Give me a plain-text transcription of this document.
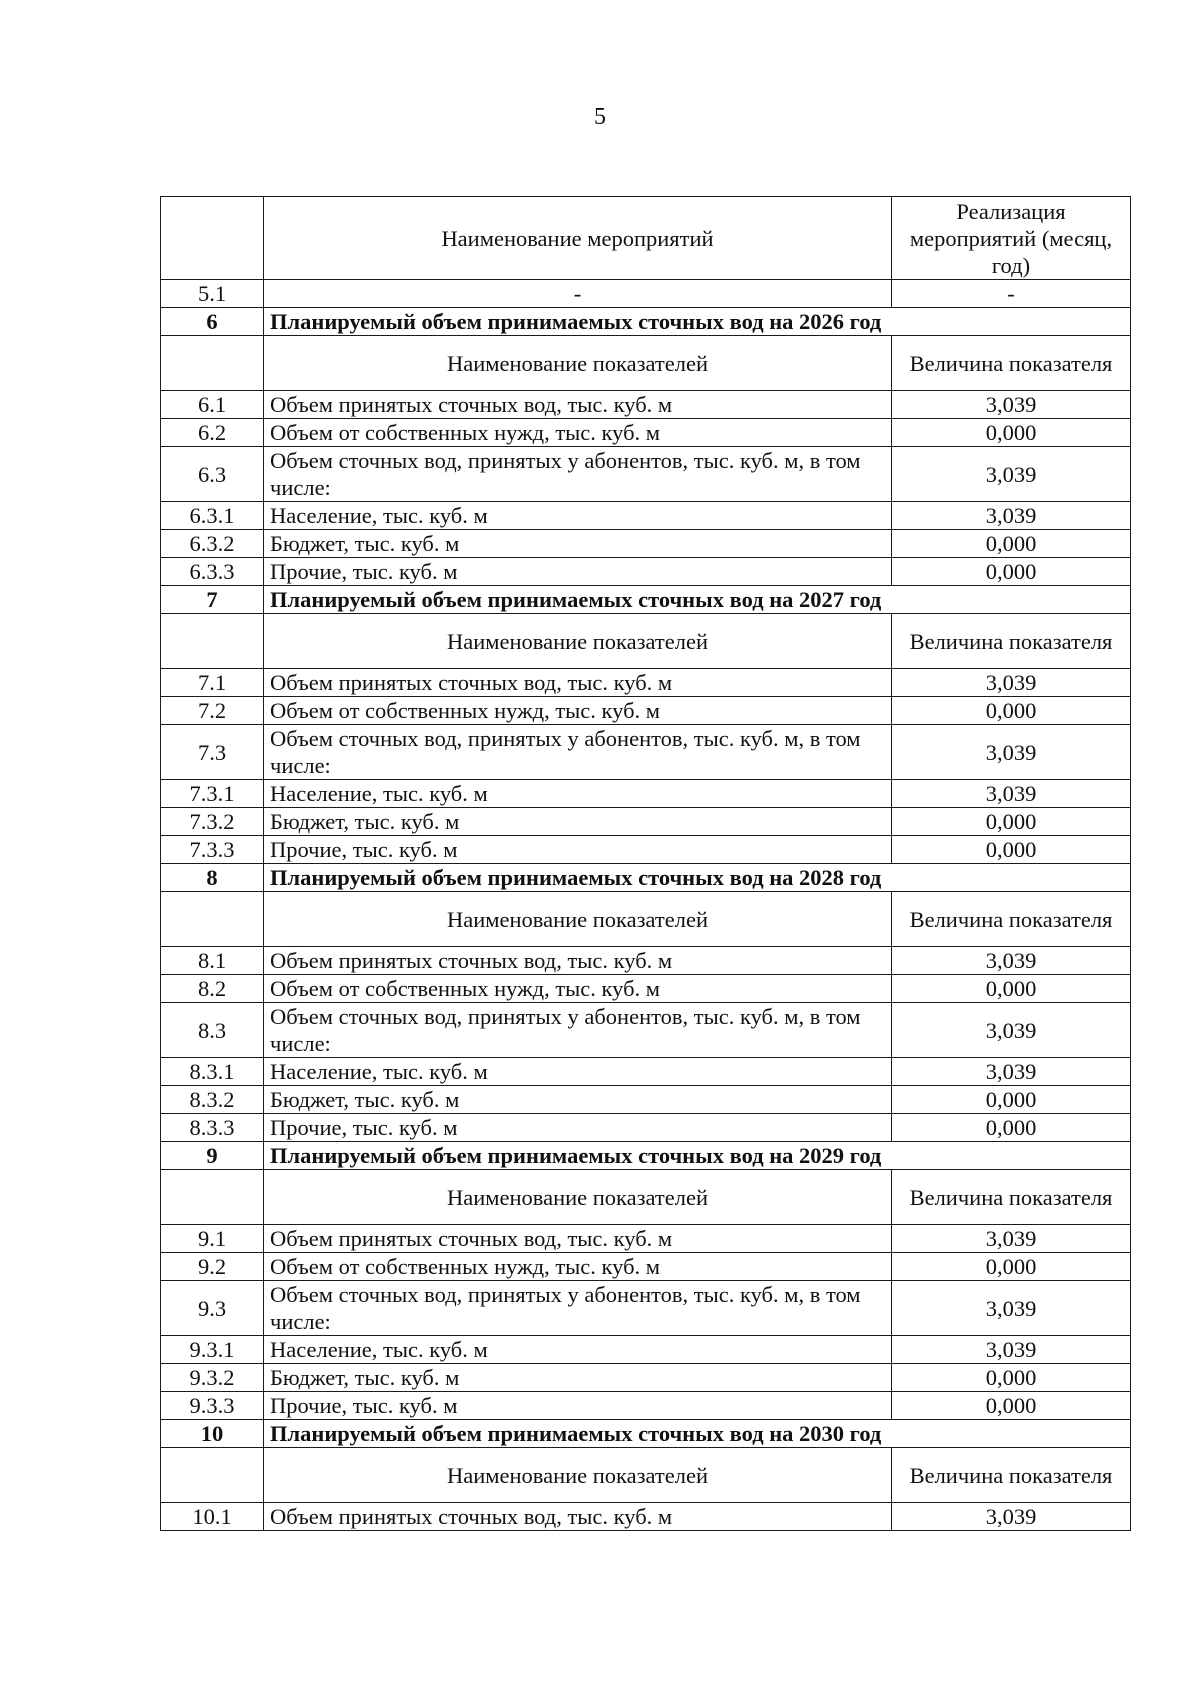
5
	Наименование мероприятий	Реализация мероприятий (месяц, год)
5.1	-	-
6	Планируемый объем принимаемых сточных вод на 2026 год	
	Наименование показателей	Величина показателя
6.1	Объем принятых сточных вод, тыс. куб. м	3,039
6.2	Объем от собственных нужд, тыс. куб. м	0,000
6.3	Объем сточных вод, принятых у абонентов, тыс. куб. м, в том числе:	3,039
6.3.1	Население, тыс. куб. м	3,039
6.3.2	Бюджет, тыс. куб. м	0,000
6.3.3	Прочие, тыс. куб. м	0,000
7	Планируемый объем принимаемых сточных вод на 2027 год	
	Наименование показателей	Величина показателя
7.1	Объем принятых сточных вод, тыс. куб. м	3,039
7.2	Объем от собственных нужд, тыс. куб. м	0,000
7.3	Объем сточных вод, принятых у абонентов, тыс. куб. м, в том числе:	3,039
7.3.1	Население, тыс. куб. м	3,039
7.3.2	Бюджет, тыс. куб. м	0,000
7.3.3	Прочие, тыс. куб. м	0,000
8	Планируемый объем принимаемых сточных вод на 2028 год	
	Наименование показателей	Величина показателя
8.1	Объем принятых сточных вод, тыс. куб. м	3,039
8.2	Объем от собственных нужд, тыс. куб. м	0,000
8.3	Объем сточных вод, принятых у абонентов, тыс. куб. м, в том числе:	3,039
8.3.1	Население, тыс. куб. м	3,039
8.3.2	Бюджет, тыс. куб. м	0,000
8.3.3	Прочие, тыс. куб. м	0,000
9	Планируемый объем принимаемых сточных вод на 2029 год	
	Наименование показателей	Величина показателя
9.1	Объем принятых сточных вод, тыс. куб. м	3,039
9.2	Объем от собственных нужд, тыс. куб. м	0,000
9.3	Объем сточных вод, принятых у абонентов, тыс. куб. м, в том числе:	3,039
9.3.1	Население, тыс. куб. м	3,039
9.3.2	Бюджет, тыс. куб. м	0,000
9.3.3	Прочие, тыс. куб. м	0,000
10	Планируемый объем принимаемых сточных вод на 2030 год	
	Наименование показателей	Величина показателя
10.1	Объем принятых сточных вод, тыс. куб. м	3,039
